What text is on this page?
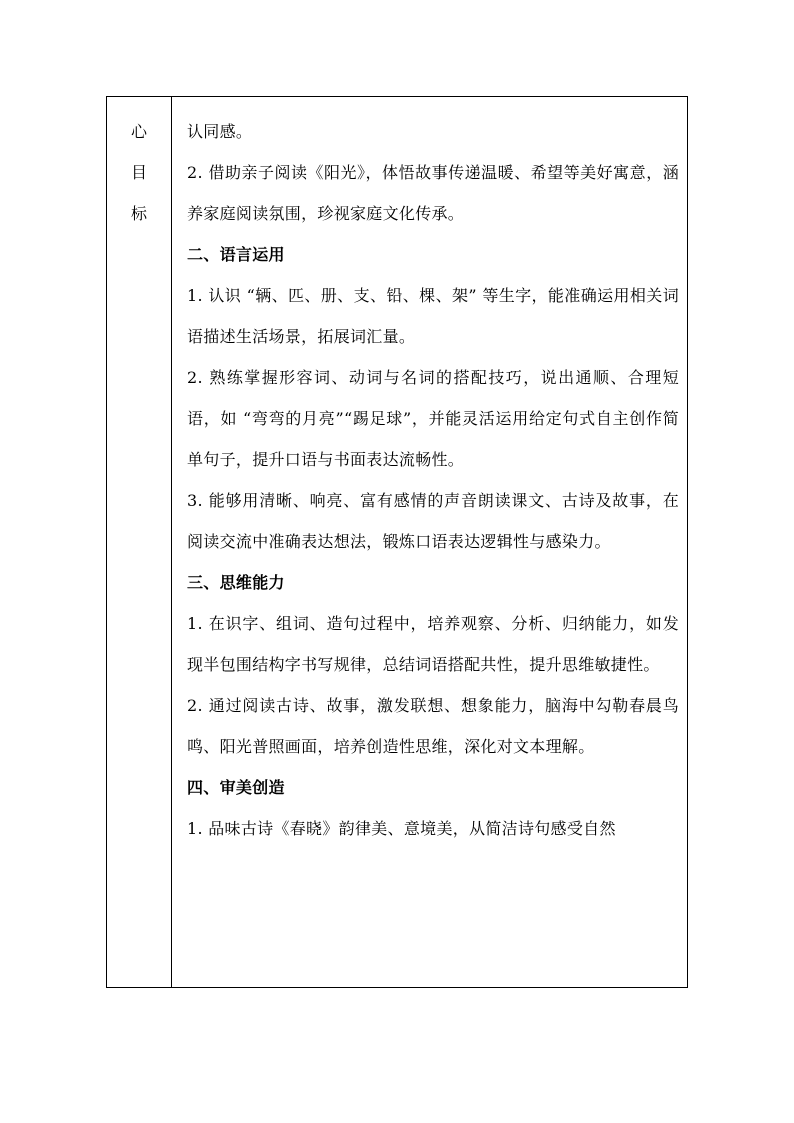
心
目
标

认同感。

2. 借助亲子阅读《阳光》，体悟故事传递温暖、希望等美好寓意，涵养家庭阅读氛围，珍视家庭文化传承。

二、语言运用

1. 认识 “辆、匹、册、支、铅、棵、架” 等生字，能准确运用相关词语描述生活场景，拓展词汇量。

2. 熟练掌握形容词、动词与名词的搭配技巧，说出通顺、合理短语，如 “弯弯的月亮”“踢足球”，并能灵活运用给定句式自主创作简单句子，提升口语与书面表达流畅性。

3. 能够用清晰、响亮、富有感情的声音朗读课文、古诗及故事，在阅读交流中准确表达想法，锻炼口语表达逻辑性与感染力。

三、思维能力

1. 在识字、组词、造句过程中，培养观察、分析、归纳能力，如发现半包围结构字书写规律，总结词语搭配共性，提升思维敏捷性。

2. 通过阅读古诗、故事，激发联想、想象能力，脑海中勾勒春晨鸟鸣、阳光普照画面，培养创造性思维，深化对文本理解。

四、审美创造

1. 品味古诗《春晓》韵律美、意境美，从简洁诗句感受自然
